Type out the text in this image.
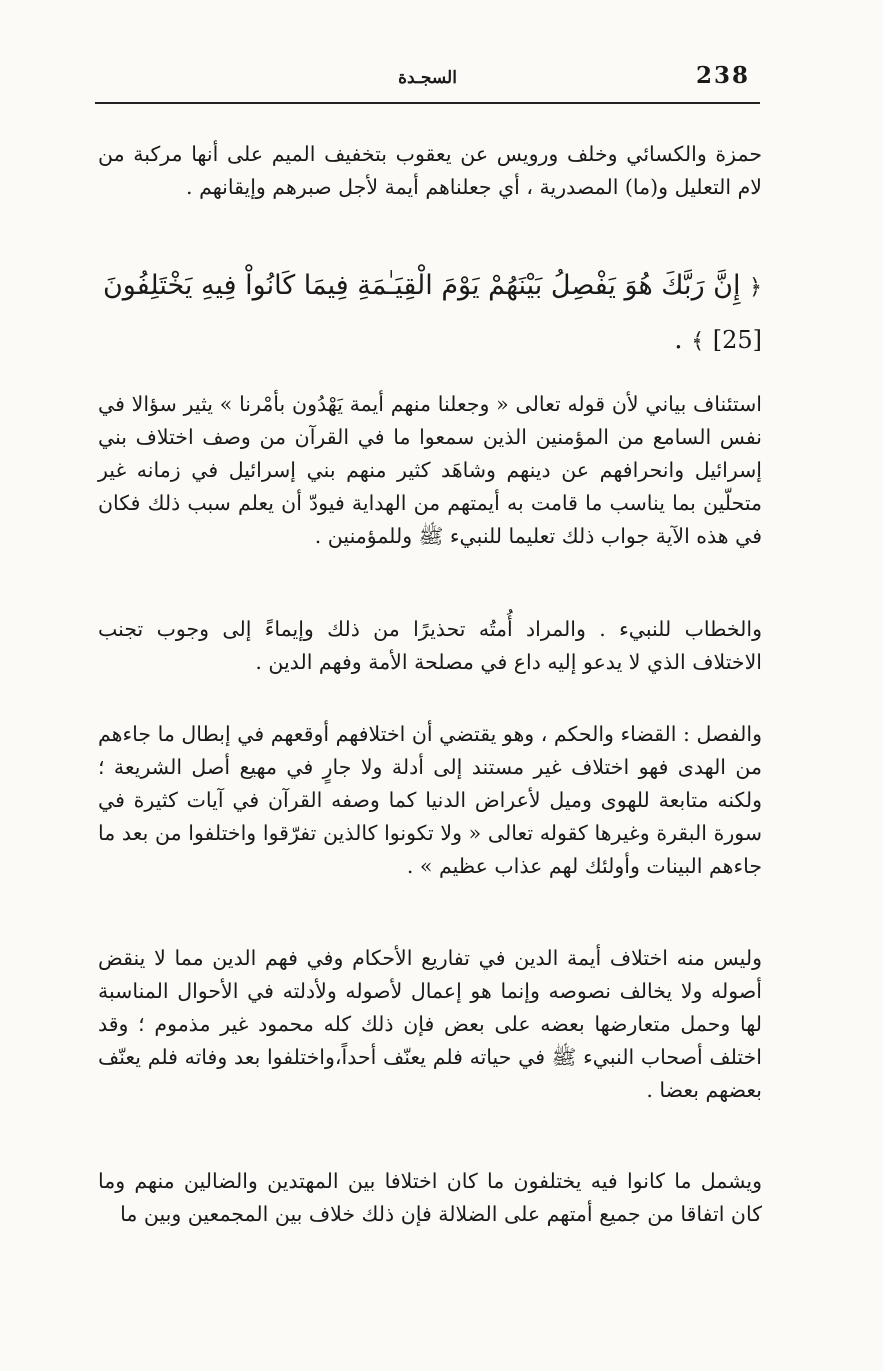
238
السجـدة

حمزة والكسائي وخلف ورويس عن يعقوب بتخفيف الميم على أنها مركبة من لام التعليل و(ما) المصدرية ، أي جعلناهم أيمة لأجل صبرهم وإيقانهم .

﴿ إِنَّ رَبَّكَ هُوَ يَفْصِلُ بَيْنَهُمْ يَوْمَ الْقِيَـٰمَةِ فِيمَا كَانُواْ فِيهِ يَخْتَلِفُونَ [25] ﴾ .

استئناف بياني لأن قوله تعالى « وجعلنا منهم أيمة يَهْدُون بأمْرنا » يثير سؤالا في نفس السامع من المؤمنين الذين سمعوا ما في القرآن من وصف اختلاف بني إسرائيل وانحرافهم عن دينهم وشاهَد كثير منهم بني إسرائيل في زمانه غير متحلّين بما يناسب ما قامت به أيمتهم من الهداية فيودّ أن يعلم سبب ذلك فكان في هذه الآية جواب ذلك تعليما للنبيء ﷺ وللمؤمنين .

والخطاب للنبيء . والمراد أُمتُه تحذيرًا من ذلك وإيماءً إلى وجوب تجنب الاختلاف الذي لا يدعو إليه داع في مصلحة الأمة وفهم الدين .

والفصل : القضاء والحكم ، وهو يقتضي أن اختلافهم أوقعهم في إبطال ما جاءهم من الهدى فهو اختلاف غير مستند إلى أدلة ولا جارٍ في مهيع أصل الشريعة ؛ ولكنه متابعة للهوى وميل لأعراض الدنيا كما وصفه القرآن في آيات كثيرة في سورة البقرة وغيرها كقوله تعالى « ولا تكونوا كالذين تفرّقوا واختلفوا من بعد ما جاءهم البينات وأولئك لهم عذاب عظيم » .

وليس منه اختلاف أيمة الدين في تفاريع الأحكام وفي فهم الدين مما لا ينقض أصوله ولا يخالف نصوصه وإنما هو إعمال لأصوله ولأدلته في الأحوال المناسبة لها وحمل متعارضها بعضه على بعض فإن ذلك كله محمود غير مذموم ؛ وقد اختلف أصحاب النبيء ﷺ في حياته فلم يعنّف أحداً،واختلفوا بعد وفاته فلم يعنّف بعضهم بعضا .

ويشمل ما كانوا فيه يختلفون ما كان اختلافا بين المهتدين والضالين منهم وما كان اتفاقا من جميع أمتهم على الضلالة فإن ذلك خلاف بين المجمعين وبين ما
